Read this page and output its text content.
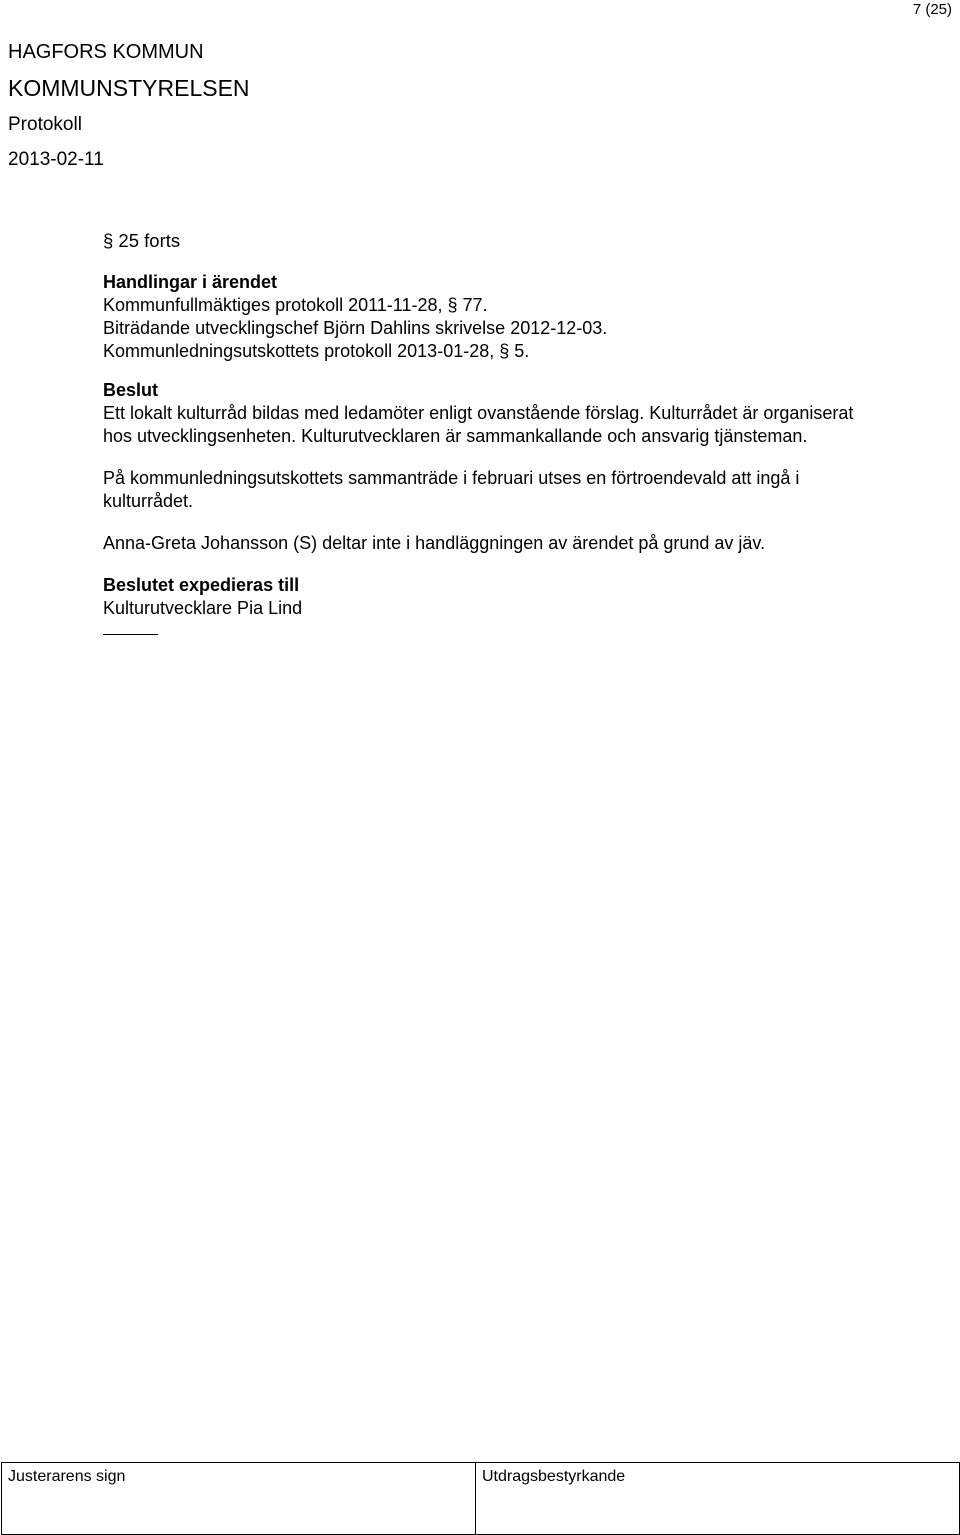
7 (25)
HAGFORS KOMMUN
KOMMUNSTYRELSEN
Protokoll
2013-02-11

§ 25 forts

Handlingar i ärendet

Kommunfullmäktiges protokoll 2011-11-28, § 77.

Biträdande utvecklingschef Björn Dahlins skrivelse 2012-12-03.

Kommunledningsutskottets protokoll 2013-01-28, § 5.

Beslut

Ett lokalt kulturråd bildas med ledamöter enligt ovanstående förslag. Kulturrådet är organiserat
hos utvecklingsenheten. Kulturutvecklaren är sammankallande och ansvarig tjänsteman.
På kommunledningsutskottets sammanträde i februari utses en förtroendevald att ingå i
kulturrådet.
Anna-Greta Johansson (S) deltar inte i handläggningen av ärendet på grund av jäv.

Beslutet expedieras till

Kulturutvecklare Pia Lind

Justerarens sign	Utdragsbestyrkande
